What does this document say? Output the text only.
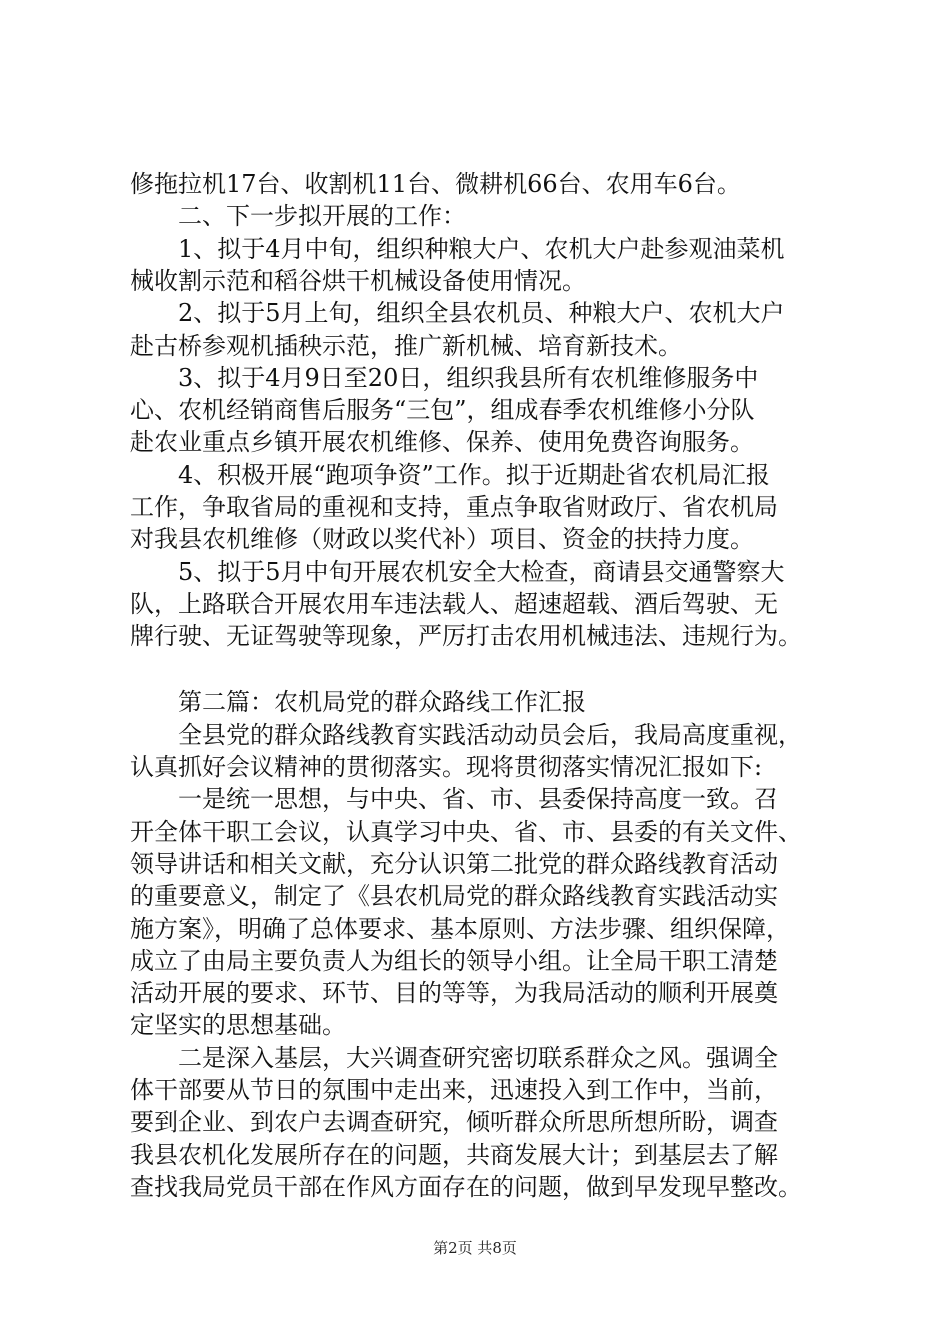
修拖拉机17台、收割机11台、微耕机66台、农用车6台。
二、下一步拟开展的工作：
1、拟于4月中旬，组织种粮大户、农机大户赴参观油菜机
械收割示范和稻谷烘干机械设备使用情况。
2、拟于5月上旬，组织全县农机员、种粮大户、农机大户
赴古桥参观机插秧示范，推广新机械、培育新技术。
3、拟于4月9日至20日，组织我县所有农机维修服务中
心、农机经销商售后服务“三包”，组成春季农机维修小分队
赴农业重点乡镇开展农机维修、保养、使用免费咨询服务。
4、积极开展“跑项争资”工作。拟于近期赴省农机局汇报
工作，争取省局的重视和支持，重点争取省财政厅、省农机局
对我县农机维修（财政以奖代补）项目、资金的扶持力度。
5、拟于5月中旬开展农机安全大检查，商请县交通警察大
队，上路联合开展农用车违法载人、超速超载、酒后驾驶、无
牌行驶、无证驾驶等现象，严厉打击农用机械违法、违规行为。
第二篇：农机局党的群众路线工作汇报
全县党的群众路线教育实践活动动员会后，我局高度重视，
认真抓好会议精神的贯彻落实。现将贯彻落实情况汇报如下:
一是统一思想，与中央、省、市、县委保持高度一致。召
开全体干职工会议，认真学习中央、省、市、县委的有关文件、
领导讲话和相关文献，充分认识第二批党的群众路线教育活动
的重要意义，制定了《县农机局党的群众路线教育实践活动实
施方案》，明确了总体要求、基本原则、方法步骤、组织保障，
成立了由局主要负责人为组长的领导小组。让全局干职工清楚
活动开展的要求、环节、目的等等，为我局活动的顺利开展奠
定坚实的思想基础。
二是深入基层，大兴调查研究密切联系群众之风。强调全
体干部要从节日的氛围中走出来，迅速投入到工作中，当前，
要到企业、到农户去调查研究，倾听群众所思所想所盼，调查
我县农机化发展所存在的问题，共商发展大计；到基层去了解
查找我局党员干部在作风方面存在的问题，做到早发现早整改。
第2页 共8页
